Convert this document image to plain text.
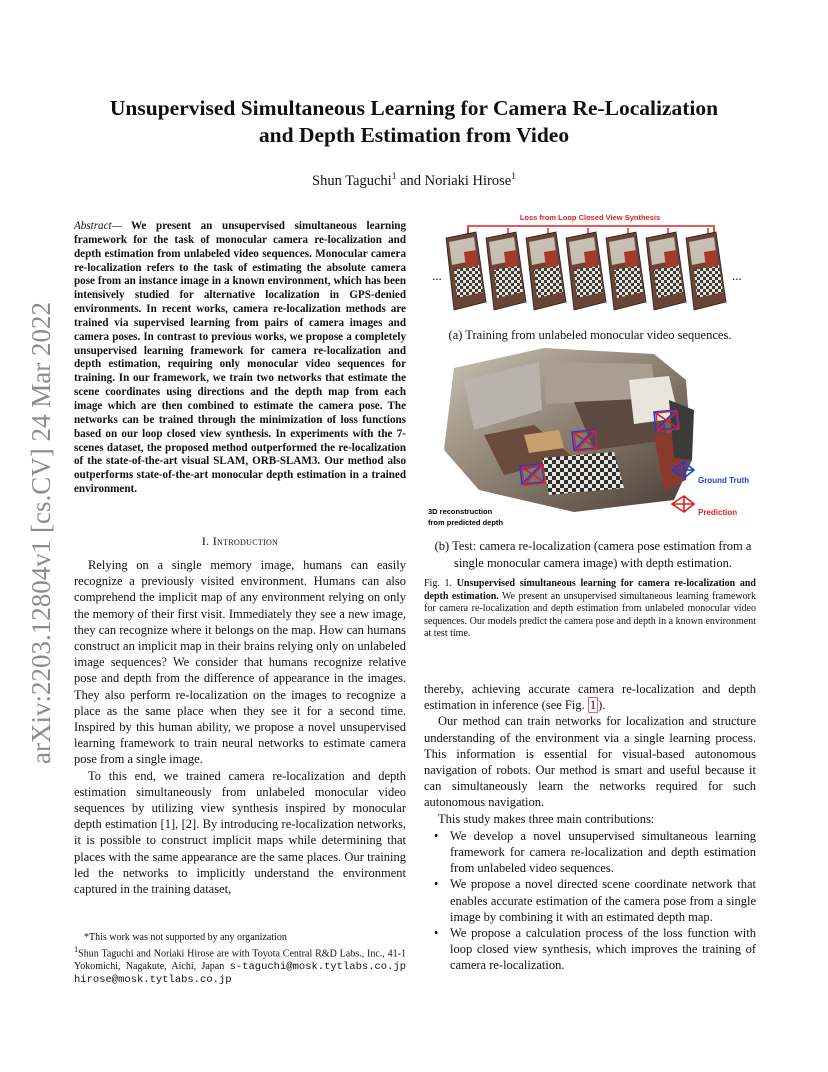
arXiv:2203.12804v1 [cs.CV] 24 Mar 2022
Unsupervised Simultaneous Learning for Camera Re-Localization
and Depth Estimation from Video
Shun Taguchi$^1$ and Noriaki Hirose$^1$
Abstract— We present an unsupervised simultaneous learning framework for the task of monocular camera re-localization and depth estimation from unlabeled video sequences. Monocular camera re-localization refers to the task of estimating the absolute camera pose from an instance image in a known environment, which has been intensively studied for alternative localization in GPS-denied environments. In recent works, camera re-localization methods are trained via supervised learning from pairs of camera images and camera poses. In contrast to previous works, we propose a completely unsupervised learning framework for camera re-localization and depth estimation, requiring only monocular video sequences for training. In our framework, we train two networks that estimate the scene coordinates using directions and the depth map from each image which are then combined to estimate the camera pose. The networks can be trained through the minimization of loss functions based on our loop closed view synthesis. In experiments with the 7-scenes dataset, the proposed method outperformed the re-localization of the state-of-the-art visual SLAM, ORB-SLAM3. Our method also outperforms state-of-the-art monocular depth estimation in a trained environment.
I. Introduction

Relying on a single memory image, humans can easily recognize a previously visited environment. Humans can also comprehend the implicit map of any environment relying on only the memory of their first visit. Immediately they see a new image, they can recognize where it belongs on the map. How can humans construct an implicit map in their brains relying only on unlabeled image sequences? We consider that humans recognize relative pose and depth from the difference of appearance in the images. They also perform re-localization on the images to recognize a place as the same place when they see it for a second time. Inspired by this human ability, we propose a novel unsupervised learning framework to train neural networks to estimate camera pose from a single image.

To this end, we trained camera re-localization and depth estimation simultaneously from unlabeled monocular video sequences by utilizing view synthesis inspired by monocular depth estimation [1], [2]. By introducing re-localization networks, it is possible to construct implicit maps while determining that places with the same appearance are the same places. Our training led the networks to implicitly understand the environment captured in the training dataset,

*This work was not supported by any organization
$^1$Shun Taguchi and Noriaki Hirose are with Toyota Central R&D Labs., Inc., 41-1 Yokomichi, Nagakute, Aichi, Japan s-taguchi@mosk.tytlabs.co.jp hirose@mosk.tytlabs.co.jp
Loss from Loop Closed View Synthesis
...	...
(a) Training from unlabeled monocular video sequences.
Ground Truth
Prediction
3D reconstruction
from predicted depth
(b) Test: camera re-localization (camera pose estimation from a single monocular camera image) with depth estimation.
Fig. 1. Unsupervised simultaneous learning for camera re-localization and depth estimation. We present an unsupervised simultaneous learning framework for camera re-localization and depth estimation from unlabeled monocular video sequences. Our models predict the camera pose and depth in a known environment at test time.

thereby, achieving accurate camera re-localization and depth estimation in inference (see Fig. 1 ).

Our method can train networks for localization and structure understanding of the environment via a single learning process. This information is essential for visual-based autonomous navigation of robots. Our method is smart and useful because it can simultaneously learn the networks required for such autonomous navigation.

This study makes three main contributions:

• We develop a novel unsupervised simultaneous learning framework for camera re-localization and depth estimation from unlabeled video sequences.
• We propose a novel directed scene coordinate network that enables accurate estimation of the camera pose from a single image by combining it with an estimated depth map.
• We propose a calculation process of the loss function with loop closed view synthesis, which improves the training of camera re-localization.
